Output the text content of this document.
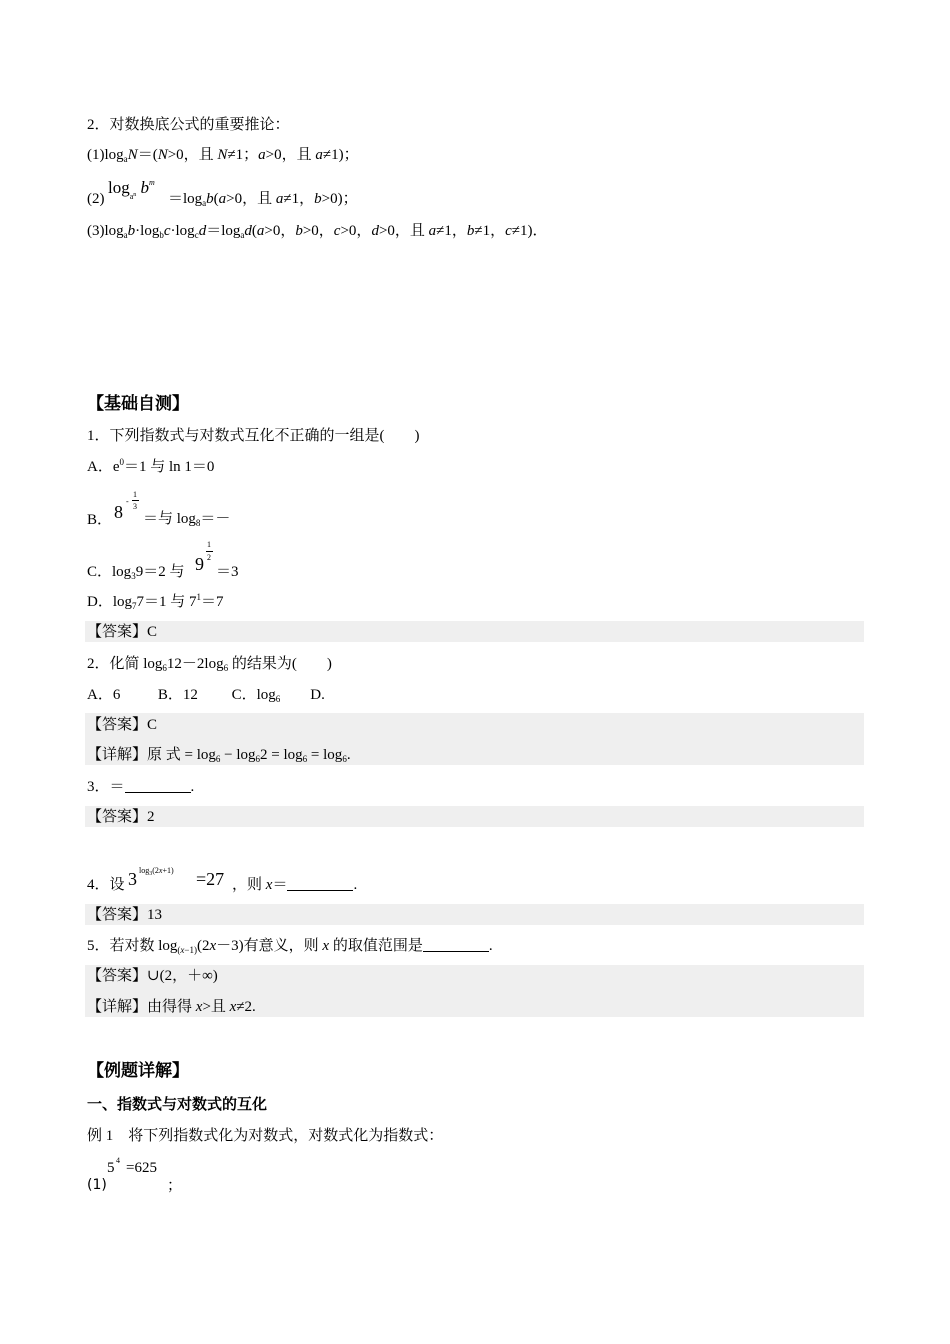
2．对数换底公式的重要推论：
$(1)\log_aN=(N>0$，且 N≠1；a>0，且 a≠1)；
(2)
$\log_an$ $b^m$
$=\log_ab(a>0$，且 a≠1，b>0)；
$(3)\log_ab\cdot\log_bc\cdot\log_cd=\log_ad(a>0$，b>0，c>0，d>0，且 a≠1，b≠1，c≠1)．
【基础自测】
1．下列指数式与对数式互化不正确的一组是(　　)
A．$e^0=1$ 与 ln 1＝0
B． 8
-
1
3
＝与 $\log_8=-$
C．$\log_39=2$ 与 9
1
2
＝3
D．$\log_77=1$ 与 $7^1=7$
【答案】C
2．化简 $\log_612-2\log_6$ 的结果为(　　)
A．6　　  B．12　　 C．$\log_6$　　D.
【答案】C
【详解】原 式 = $\log_6 - \log_62 = \log_6 = \log_6$.
3．＝	.
【答案】2
4．设 3 $\log_3(2x+1) =27$ ，则 x＝	.
【答案】13
5．若对数 $\log_{(x-1)}(2x-3)$有意义，则 x 的取值范围是	.
【答案】∪(2，＋∞)
【详解】由得得 x>且 x≠2.
【例题详解】
一、指数式与对数式的互化
例 1　将下列指数式化为对数式，对数式化为指数式：
(1)
5 4 =625
；
